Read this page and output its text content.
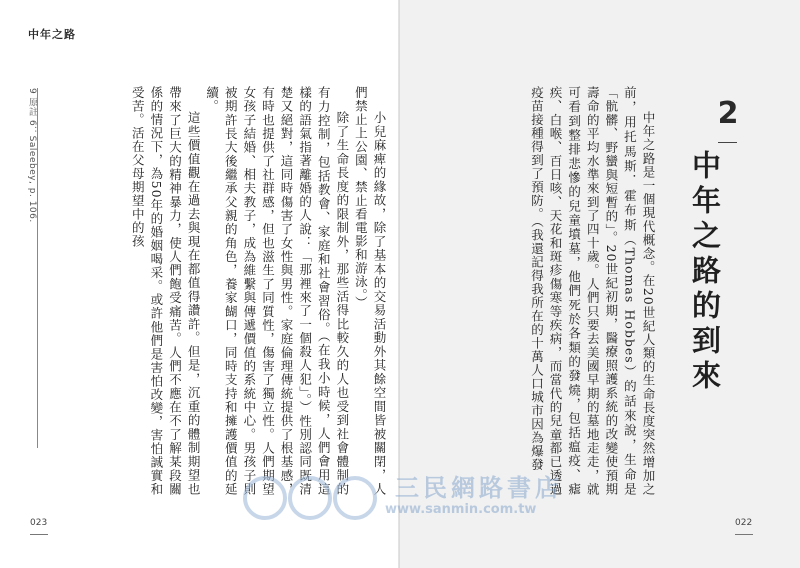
中年之路
9 原註 6：Saleebey, p. 106.	小兒麻痺的緣故，除了基本的交易活動外其餘空間皆被關閉，人們禁止上公園、禁止看電影和游泳。）

除了生命長度的限制外，那些活得比較久的人也受到社會體制的有力控制，包括教會、家庭和社會習俗。（在我小時候，人們會用這樣的語氣指著離婚的人說：「那裡來了一個殺人犯」。）性別認同既清楚又絕對，這同時傷害了女性與男性。家庭倫理傳統提供了根基感，有時也提供了社群感，但也滋生了同質性，傷害了獨立性。人們期望女孩子結婚、相夫教子，成為維繫與傳遞價值的系統中心。男孩子則被期許長大後繼承父親的角色，養家餬口，同時支持和擁護價值的延續。

這些價值觀在過去與現在都值得讚許。但是，沉重的體制期望也帶來了巨大的精神暴力，使人們飽受痛苦。人們不應在不了解某段關係的情況下，為50年的婚姻喝采。或許他們是害怕改變，害怕誠實和受苦。活在父母期望中的孩

023

中年之路是一個現代概念。在20世紀人類的生命長度突然增加之前，用托馬斯．霍布斯（Thomas Hobbes）的話來說，生命是「骯髒、野蠻與短暫的」。20世紀初期，醫療照護系統的改變使預期壽命的平均水準來到了四十歲。人們只要去美國早期的墓地走走，就可看到整排悲慘的兒童墳墓，他們死於各類的發燒，包括瘟疫、瘧疾、白喉、百日咳、天花和斑疹傷寒等疾病，而當代的兒童都已透過疫苗接種得到了預防。（我還記得我所在的十萬人口城市因為爆發	2
中年之路的到來
022
三民網路書店
www.sanmin.com.tw
